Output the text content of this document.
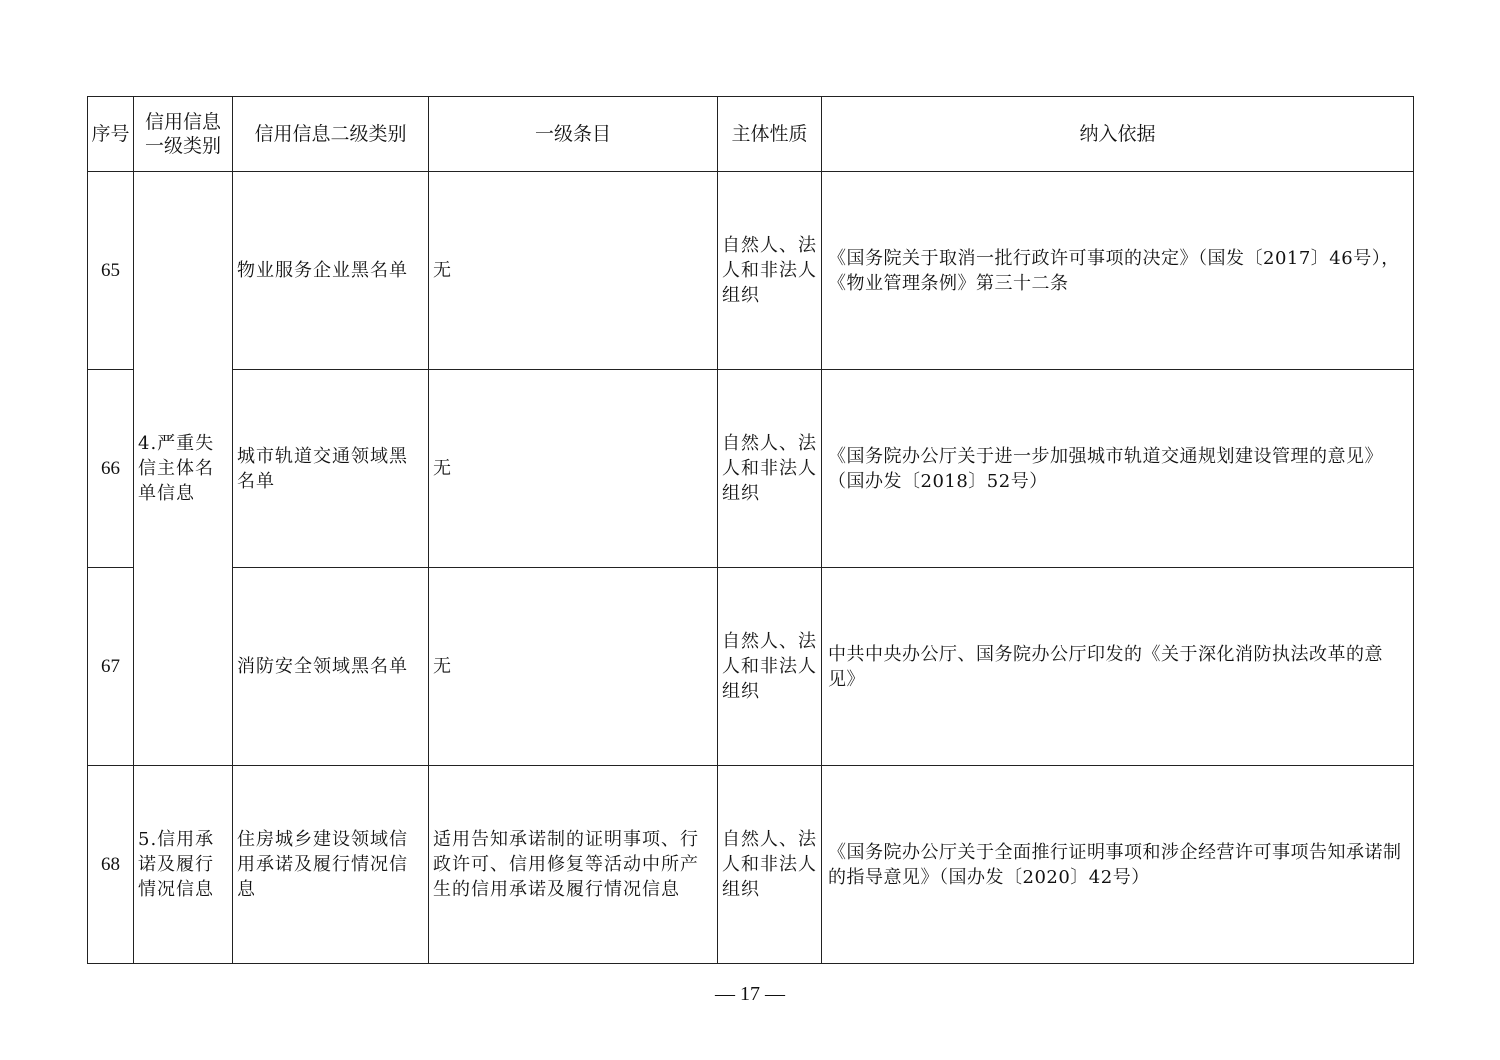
序号	信用信息一级类别	信用信息二级类别	一级条目	主体性质	纳入依据
65	4.严重失信主体名单信息	物业服务企业黑名单	无	自然人、法人和非法人组织	《国务院关于取消一批行政许可事项的决定》（国发〔2017〕46号），《物业管理条例》第三十二条
66		城市轨道交通领域黑名单	无	自然人、法人和非法人组织	《国务院办公厅关于进一步加强城市轨道交通规划建设管理的意见》（国办发〔2018〕52号）
67		消防安全领域黑名单	无	自然人、法人和非法人组织	中共中央办公厅、国务院办公厅印发的《关于深化消防执法改革的意见》
68	5.信用承诺及履行情况信息	住房城乡建设领域信用承诺及履行情况信息	适用告知承诺制的证明事项、行政许可、信用修复等活动中所产生的信用承诺及履行情况信息	自然人、法人和非法人组织	《国务院办公厅关于全面推行证明事项和涉企经营许可事项告知承诺制的指导意见》（国办发〔2020〕42号）
— 17 —
